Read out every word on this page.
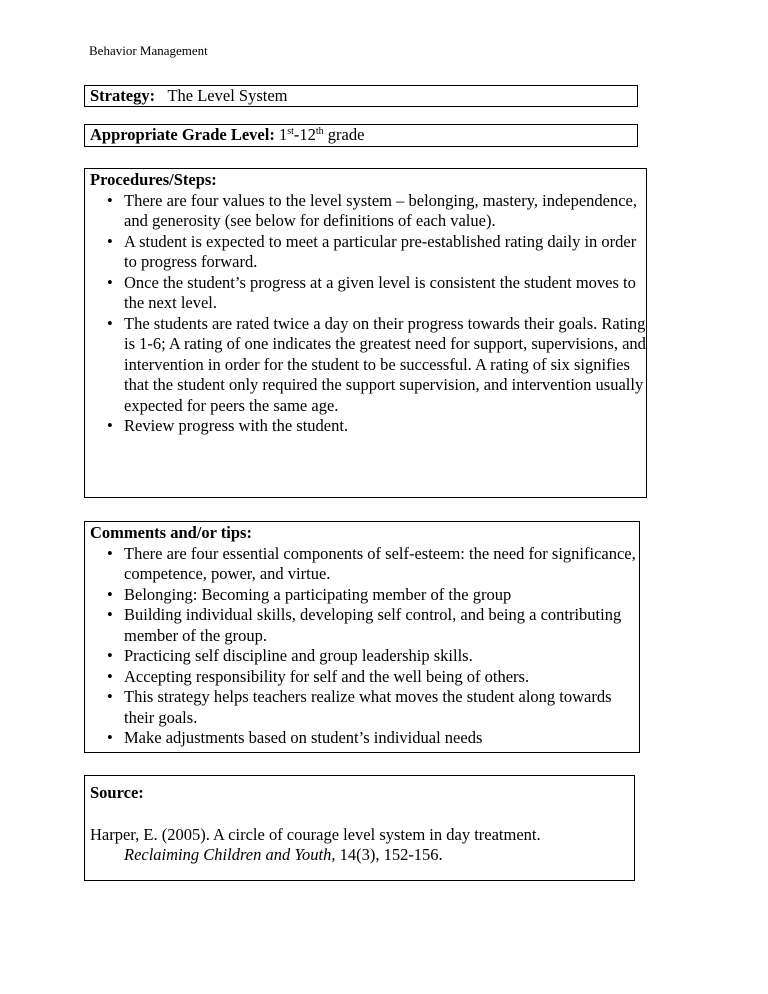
Behavior Management
Strategy: The Level System
Appropriate Grade Level: 1st-12th grade
Procedures/Steps:
• There are four values to the level system – belonging, mastery, independence, and generosity (see below for definitions of each value).
• A student is expected to meet a particular pre-established rating daily in order to progress forward.
• Once the student’s progress at a given level is consistent the student moves to the next level.
• The students are rated twice a day on their progress towards their goals. Rating is 1-6; A rating of one indicates the greatest need for support, supervisions, and intervention in order for the student to be successful. A rating of six signifies that the student only required the support supervision, and intervention usually expected for peers the same age.
• Review progress with the student.
Comments and/or tips:
• There are four essential components of self-esteem: the need for significance, competence, power, and virtue.
• Belonging: Becoming a participating member of the group
• Building individual skills, developing self control, and being a contributing member of the group.
• Practicing self discipline and group leadership skills.
• Accepting responsibility for self and the well being of others.
• This strategy helps teachers realize what moves the student along towards their goals.
• Make adjustments based on student’s individual needs
Source:
Harper, E. (2005). A circle of courage level system in day treatment.
Reclaiming Children and Youth, 14(3), 152-156.
